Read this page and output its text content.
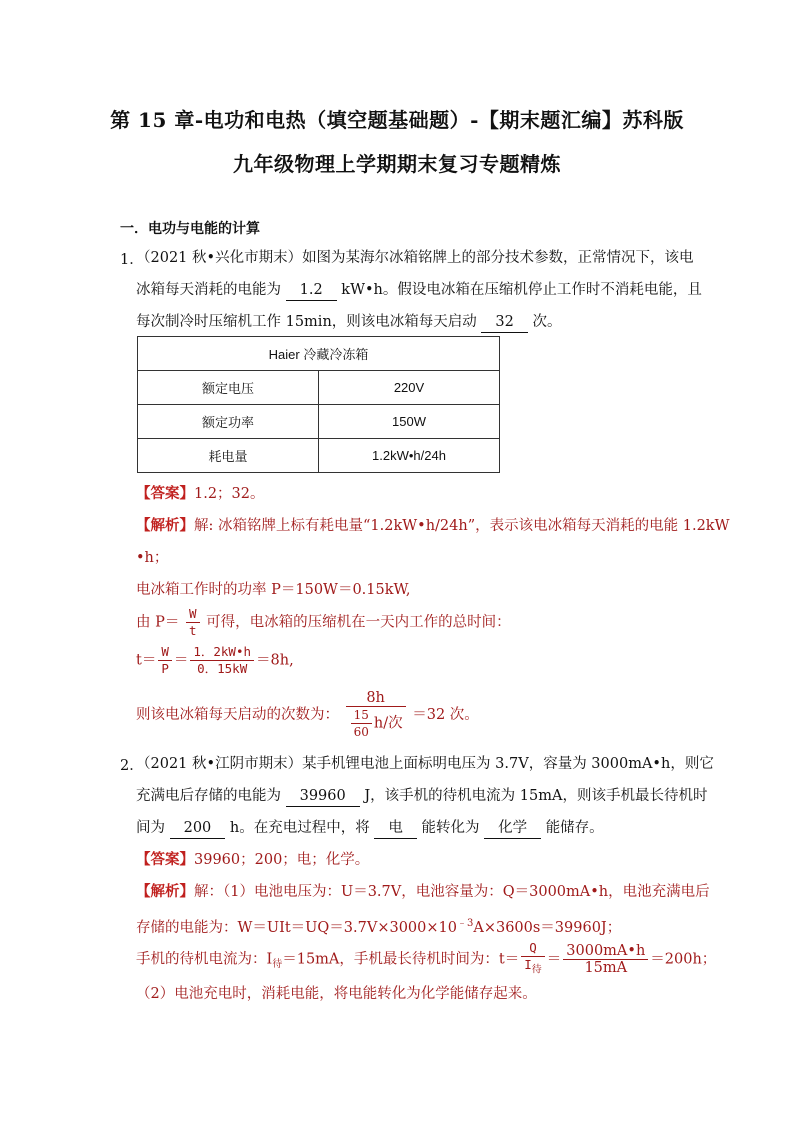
第 15 章-电功和电热（填空题基础题）-【期末题汇编】苏科版
九年级物理上学期期末复习专题精炼
一．电功与电能的计算
1．
（2021 秋•兴化市期末）如图为某海尔冰箱铭牌上的部分技术参数，正常情况下，该电
冰箱每天消耗的电能为 1.2 kW•h。假设电冰箱在压缩机停止工作时不消耗电能，且
每次制冷时压缩机工作 15min，则该电冰箱每天启动 32 次。
Haier 冷藏冷冻箱	
额定电压	220V
额定功率	150W
耗电量	1.2kW•h/24h
【答案】1.2；32。
【解析】解: 冰箱铭牌上标有耗电量“1.2kW•h/24h”，表示该电冰箱每天消耗的电能 1.2kW
•h；
电冰箱工作时的功率 P＝150W＝0.15kW,
由 $P= \frac{W}{t}$ 可得，电冰箱的压缩机在一天内工作的总时间：
$t= \frac{W}{P} = \frac{1.2kW•h}{0.15kW} =8h$,
则该电冰箱每天启动的次数为： $\frac{8h}{\frac{15}{60} h/次} =32$ 次。
2．
（2021 秋•江阴市期末）某手机锂电池上面标明电压为 3.7V，容量为 3000mA•h，则它
充满电后存储的电能为 39960 J，该手机的待机电流为 15mA，则该手机最长待机时
间为 200 h。在充电过程中，将 电 能转化为 化学 能储存。
【答案】39960；200；电；化学。
【解析】解：（1）电池电压为：U＝3.7V，电池容量为：Q＝3000mA•h，电池充满电后
存储的电能为：$W=UIt=UQ=3.7V\times 3000\times 10^{﹣3}A\times 3600s=39960J$；
手机的待机电流为：$I_待=15mA$，手机最长待机时间为：$t= \frac{Q}{I_待} = \frac{3000mA•h}{15mA} =200h$；
（2）电池充电时，消耗电能，将电能转化为化学能储存起来。
